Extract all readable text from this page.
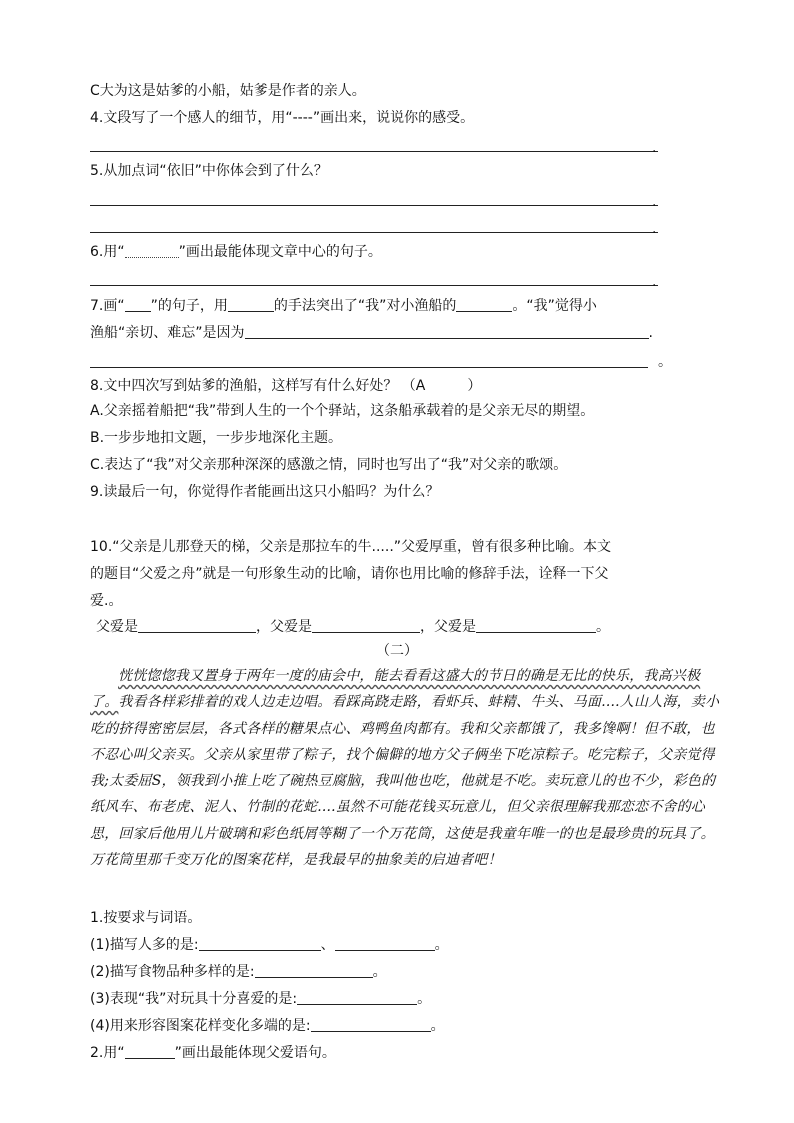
C大为这是姑爹的小船，姑爹是作者的亲人。
4.文段写了一个感人的细节，用“----”画出来，说说你的感受。
.
5.从加点词“依旧”中你体会到了什么？
.
.
6.用“	”画出最能体现文章中心的句子。
.
7.画“ ”的句子，用	的手法突出了“我”对小渔船的	。“我”觉得小
渔船“亲切、难忘”是因为	.
。
8.文中四次写到姑爹的渔船，这样写有什么好处？ （A　　　）
A.父亲摇着船把“我”带到人生的一个个驿站，这条船承载着的是父亲无尽的期望。
B.一步步地扣文题，一步步地深化主题。
C.表达了“我”对父亲那种深深的感激之情，同时也写出了“我”对父亲的歌颂。
9.读最后一句，你觉得作者能画出这只小船吗？为什么？
10.“父亲是儿那登天的梯，父亲是那拉车的牛.....”父爱厚重，曾有很多种比喻。本文
的题目“父爱之舟”就是一句形象生动的比喻，请你也用比喻的修辞手法，诠释一下父
爱.。
父爱是	，父爱是	，父爱是	。
（二）
恍恍惚惚我又置身于两年一度的庙会中，能去看看这盛大的节日的确是无比的快乐，我高兴极了。我看各样彩排着的戏人边走边唱。看踩高跷走路，看虾兵、蚌精、牛头、马面....人山人海，卖小吃的挤得密密层层，各式各样的糖果点心、鸡鸭鱼肉都有。我和父亲都饿了，我多馋啊！但不敢，也不忍心叫父亲买。父亲从家里带了粽子，找个偏僻的地方父子俩坐下吃凉粽子。吃完粽子，父亲觉得我;太委屈S，领我到小推上吃了碗热豆腐脑，我叫他也吃，他就是不吃。卖玩意儿的也不少，彩色的纸风车、布老虎、泥人、竹制的花蛇....虽然不可能花钱买玩意儿，但父亲很理解我那恋恋不舍的心思，回家后他用儿片破璃和彩色纸屑等糊了一个万花筒，这使是我童年唯一的也是最珍贵的玩具了。万花筒里那千变万化的图案花样，是我最早的抽象美的启迪者吧！
1.按要求与词语。
(1)描写人多的是:	、	。
(2)描写食物品种多样的是:	。
(3)表现“我”对玩具十分喜爱的是:	。
(4)用来形容图案花样变化多端的是:	。
2.用“	”画出最能体现父爱语句。
